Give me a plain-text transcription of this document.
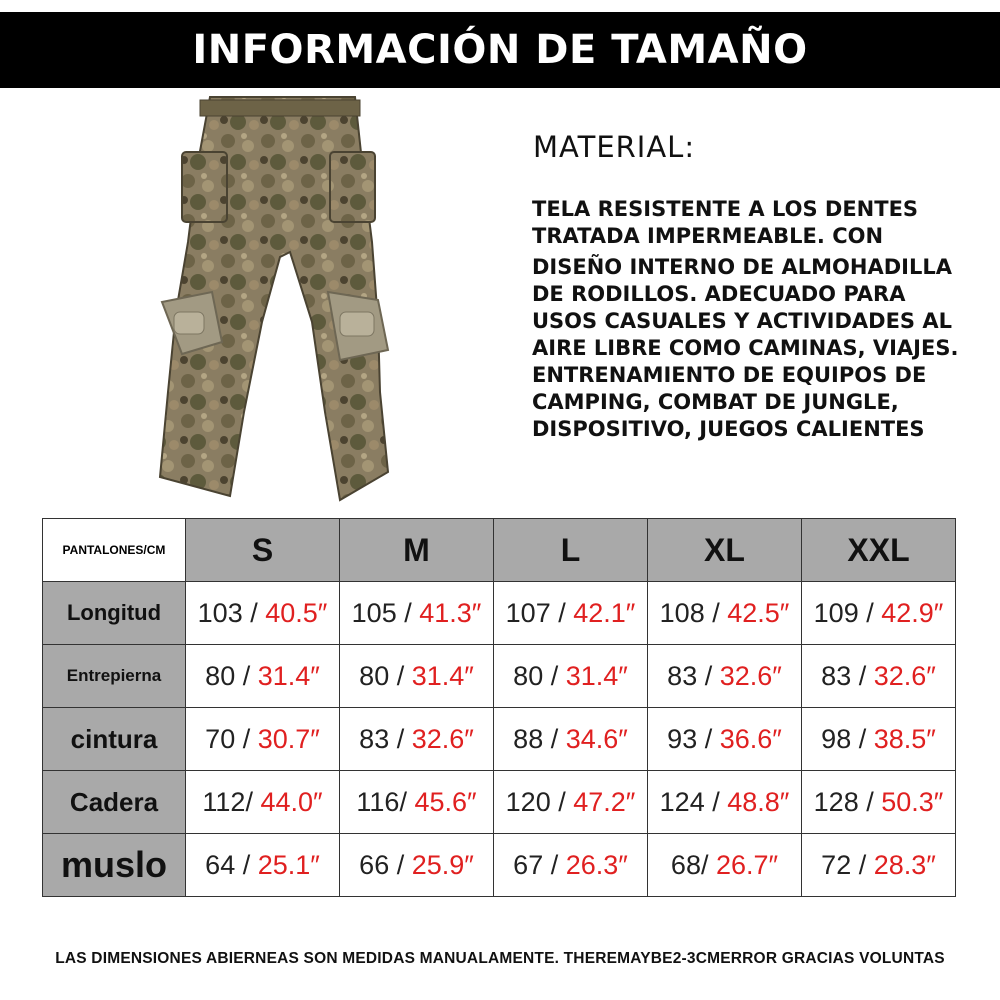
INFORMACIÓN DE TAMAÑO
MATERIAL:
TELA RESISTENTE A LOS DENTES
TRATADA IMPERMEABLE. CON
DISEÑO INTERNO DE ALMOHADILLA
DE RODILLOS. ADECUADO PARA
USOS CASUALES Y ACTIVIDADES AL
AIRE LIBRE COMO CAMINAS, VIAJES.
ENTRENAMIENTO DE EQUIPOS DE
CAMPING, COMBAT DE JUNGLE,
DISPOSITIVO, JUEGOS CALIENTES
PANTALONES/CM	S	M	L	XL	XXL
Longitud	103 / 40.5″	105 / 41.3″	107 / 42.1″	108 / 42.5″	109 / 42.9″
Entrepierna	80 / 31.4″	80 / 31.4″	80 / 31.4″	83 / 32.6″	83 / 32.6″
cintura	70 / 30.7″	83 / 32.6″	88 / 34.6″	93 / 36.6″	98 / 38.5″
Cadera	112/ 44.0″	116/ 45.6″	120 / 47.2″	124 / 48.8″	128 / 50.3″
muslo	64 / 25.1″	66 / 25.9″	67 / 26.3″	68/ 26.7″	72 / 28.3″
LAS DIMENSIONES ABIERNEAS SON MEDIDAS MANUALAMENTE. THEREMAYBE2-3CMERROR GRACIAS VOLUNTAS
